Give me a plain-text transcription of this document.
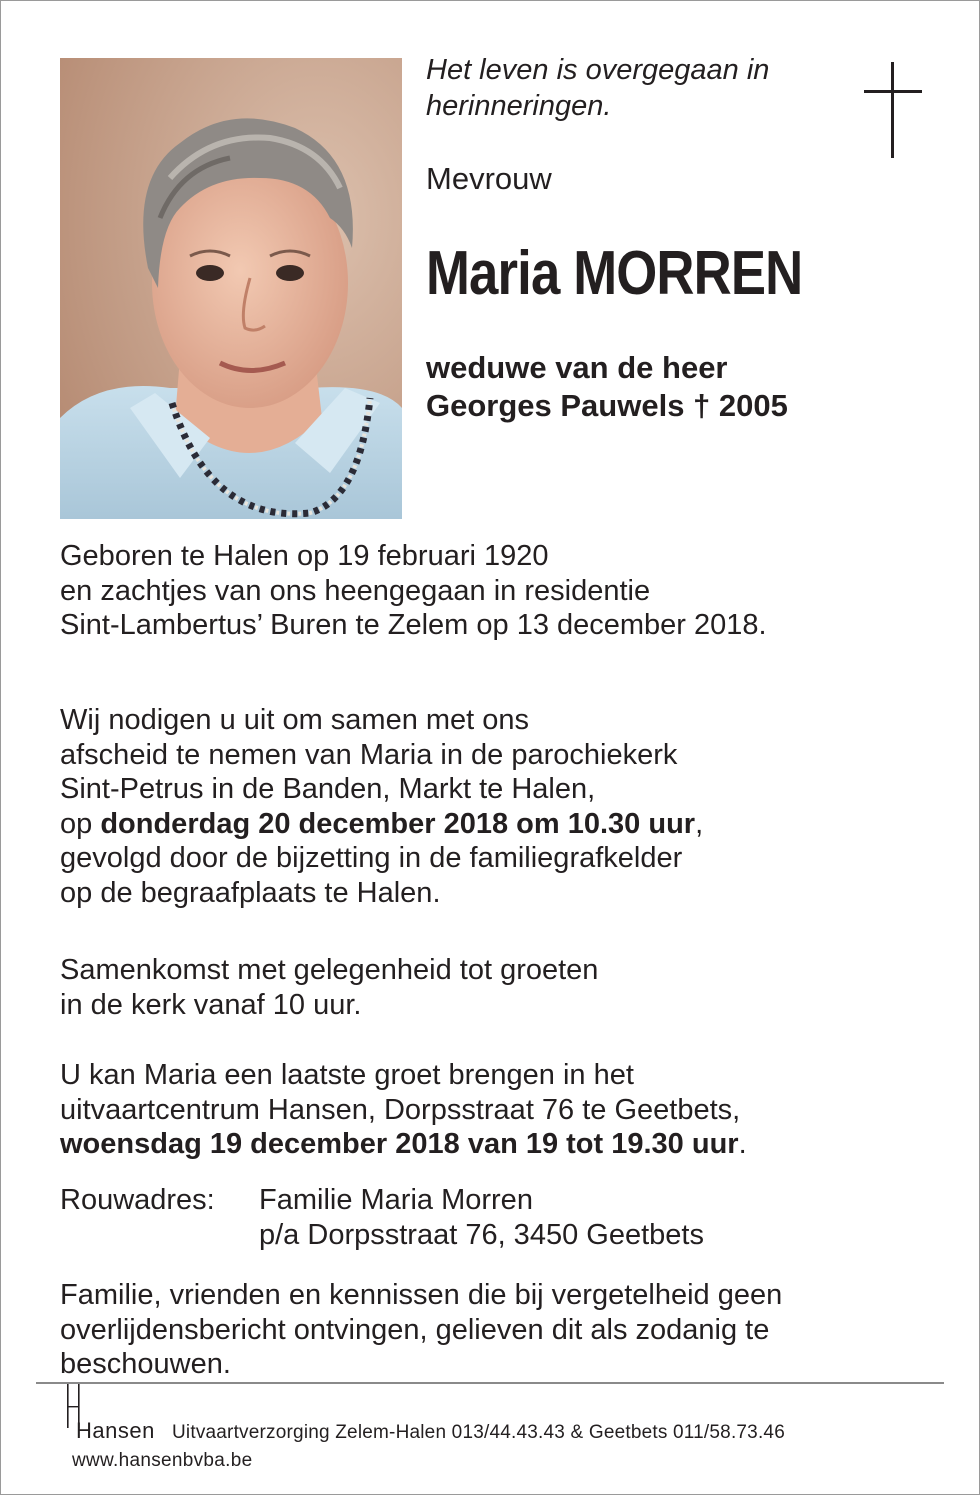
Het leven is overgegaan in
herinneringen.
Mevrouw
Maria MORREN
weduwe van de heer
Georges Pauwels † 2005
Geboren te Halen op 19 februari 1920
en zachtjes van ons heengegaan in residentie
Sint-Lambertus’ Buren te Zelem op 13 december 2018.
Wij nodigen u uit om samen met ons
afscheid te nemen van Maria in de parochiekerk
Sint-Petrus in de Banden, Markt te Halen,
op donderdag 20 december 2018 om 10.30 uur,
gevolgd door de bijzetting in de familiegrafkelder
op de begraafplaats te Halen.
Samenkomst met gelegenheid tot groeten
in de kerk vanaf 10 uur.
U kan Maria een laatste groet brengen in het
uitvaartcentrum Hansen, Dorpsstraat 76 te Geetbets,
woensdag 19 december 2018 van 19 tot 19.30 uur.
Rouwadres: Familie Maria Morren
p/a Dorpsstraat 76, 3450 Geetbets
Familie, vrienden en kennissen die bij vergetelheid geen
overlijdensbericht ontvingen, gelieven dit als zodanig te
beschouwen.
Hansen Uitvaartverzorging Zelem-Halen 013/44.43.43 & Geetbets 011/58.73.46
www.hansenbvba.be
